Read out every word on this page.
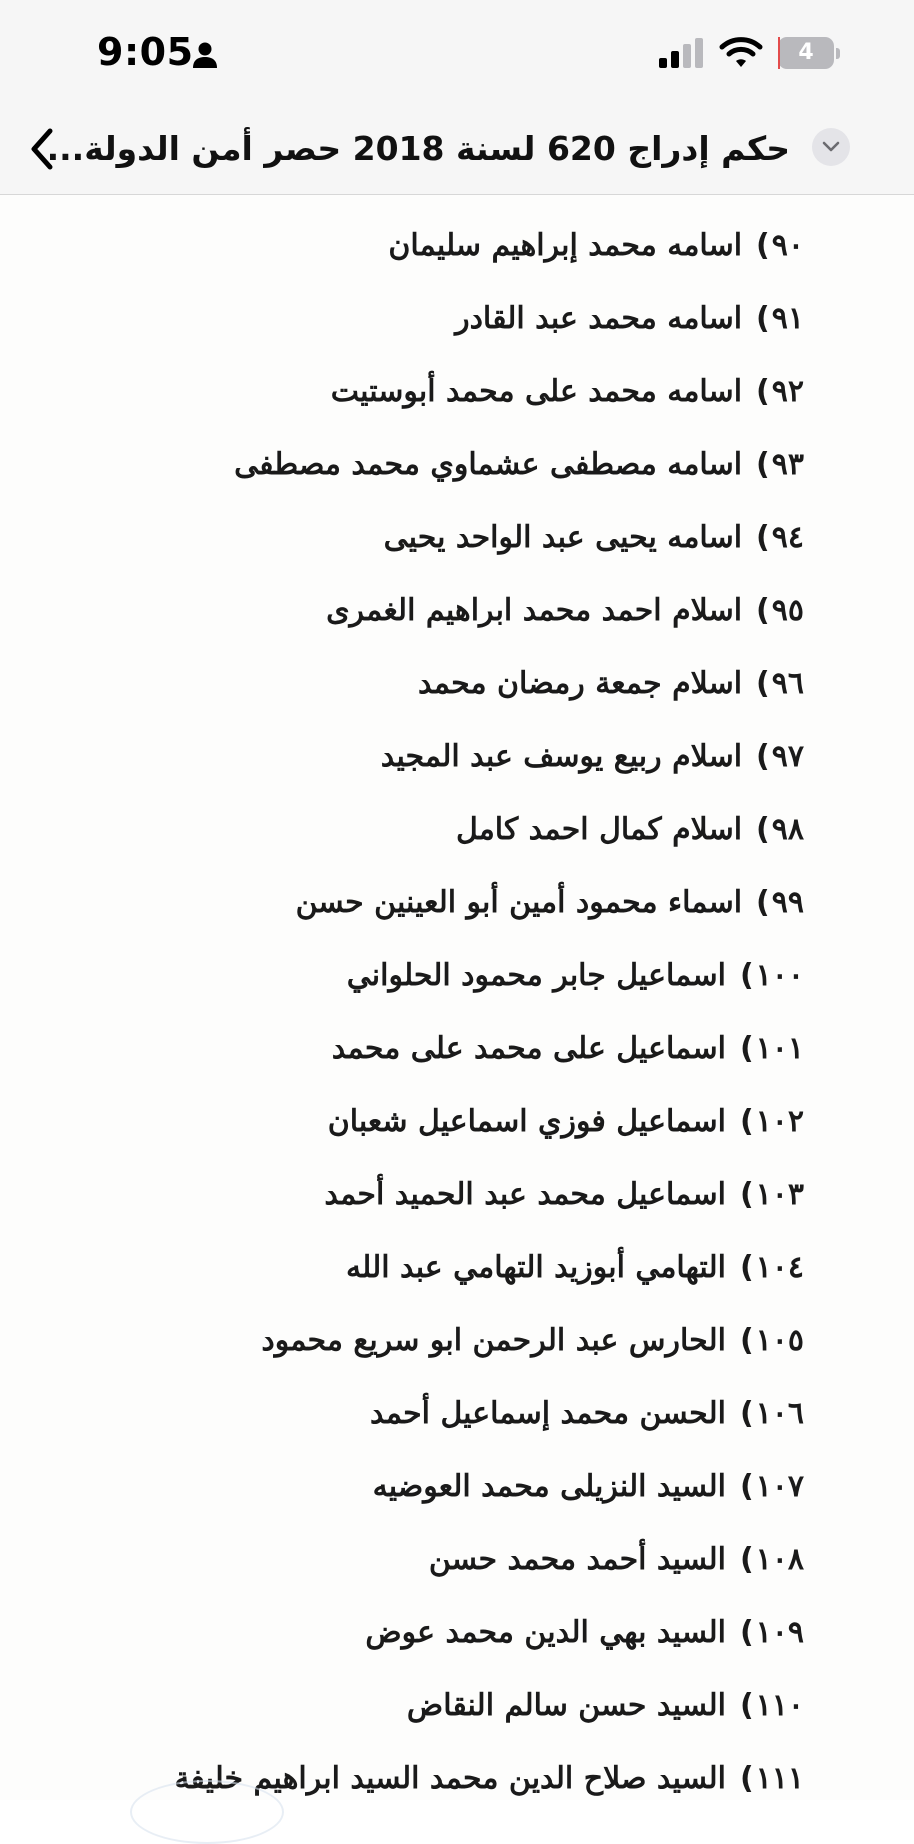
9:05	4
حكم إدراج 620 لسنة 2018 حصر أمن الدولة...
٩٠
)
اسامه محمد إبراهيم سليمان
٩١
)
اسامه محمد عبد القادر
٩٢
)
اسامه محمد على محمد أبوستيت
٩٣
)
اسامه مصطفى عشماوي محمد مصطفى
٩٤
)
اسامه يحيى عبد الواحد يحيى
٩٥
)
اسلام احمد محمد ابراهيم الغمرى
٩٦
)
اسلام جمعة رمضان محمد
٩٧
)
اسلام ربيع يوسف عبد المجيد
٩٨
)
اسلام كمال احمد كامل
٩٩
)
اسماء محمود أمين أبو العينين حسن
١٠٠
)
اسماعيل جابر محمود الحلواني
١٠١
)
اسماعيل على محمد على محمد
١٠٢
)
اسماعيل فوزي اسماعيل شعبان
١٠٣
)
اسماعيل محمد عبد الحميد أحمد
١٠٤
)
التهامي أبوزيد التهامي عبد الله
١٠٥
)
الحارس عبد الرحمن ابو سريع محمود
١٠٦
)
الحسن محمد إسماعيل أحمد
١٠٧
)
السيد النزيلى محمد العوضيه
١٠٨
)
السيد أحمد محمد حسن
١٠٩
)
السيد بهي الدين محمد عوض
١١٠
)
السيد حسن سالم النقاض
١١١
)
السيد صلاح الدين محمد السيد ابراهيم خليفة
